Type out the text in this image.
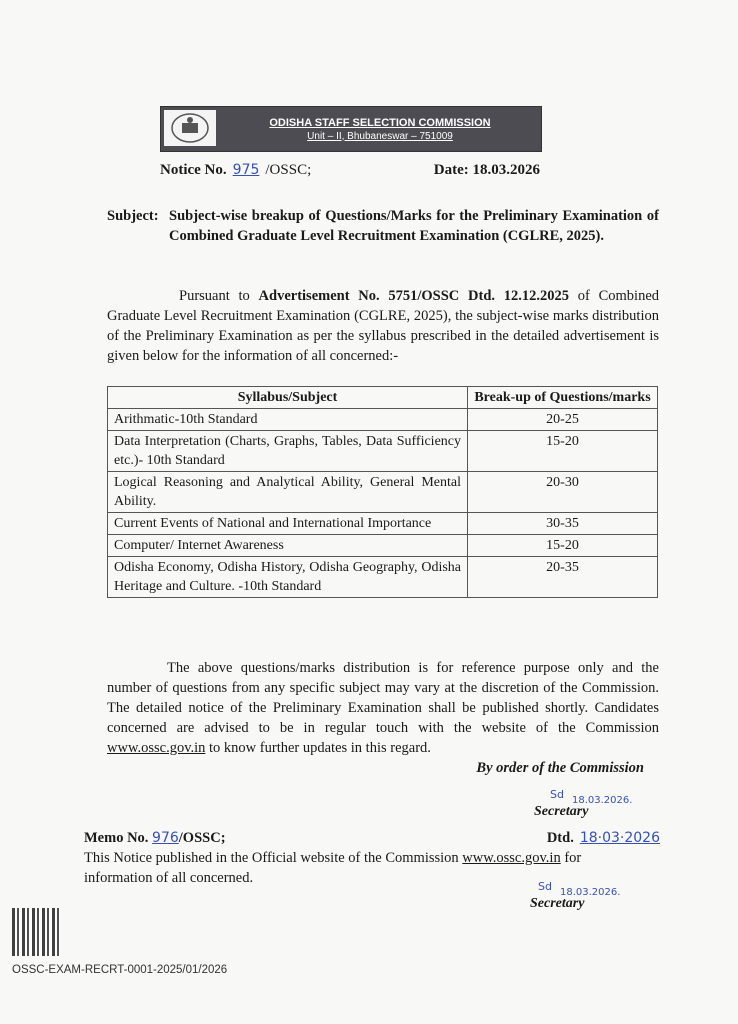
ODISHA STAFF SELECTION COMMISSION
Unit – II, Bhubaneswar – 751009
Notice No. 975 /OSSC;	Date: 18.03.2026
Subject: Subject-wise breakup of Questions/Marks for the Preliminary Examination of Combined Graduate Level Recruitment Examination (CGLRE, 2025).
Pursuant to Advertisement No. 5751/OSSC Dtd. 12.12.2025 of Combined Graduate Level Recruitment Examination (CGLRE, 2025), the subject-wise marks distribution of the Preliminary Examination as per the syllabus prescribed in the detailed advertisement is given below for the information of all concerned:-
Syllabus/Subject	Break-up of Questions/marks
Arithmatic-10th Standard	20-25
Data Interpretation (Charts, Graphs, Tables, Data Sufficiency etc.)- 10th Standard	15-20
Logical Reasoning and Analytical Ability, General Mental Ability.	20-30
Current Events of National and International Importance	30-35
Computer/ Internet Awareness	15-20
Odisha Economy, Odisha History, Odisha Geography, Odisha Heritage and Culture. -10th Standard	20-35
The above questions/marks distribution is for reference purpose only and the number of questions from any specific subject may vary at the discretion of the Commission. The detailed notice of the Preliminary Examination shall be published shortly. Candidates concerned are advised to be in regular touch with the website of the Commission www.ossc.gov.in to know further updates in this regard.
By order of the Commission
Sd 18.03.2026.
Secretary
Memo No. 976/OSSC;	Dtd. 18·03·2026
This Notice published in the Official website of the Commission www.ossc.gov.in for information of all concerned.
Sd 18.03.2026.
Secretary
OSSC-EXAM-RECRT-0001-2025/01/2026
